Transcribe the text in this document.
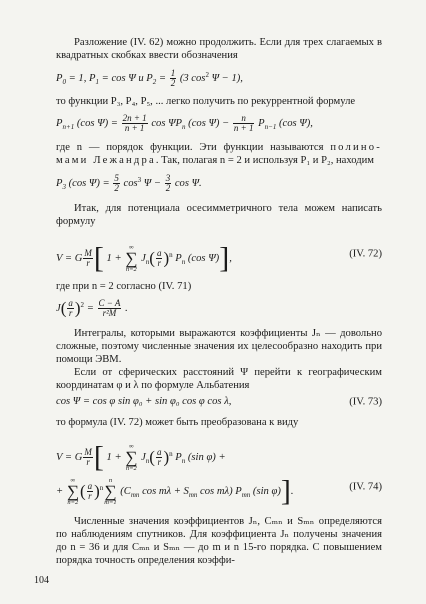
Разложение (IV. 62) можно продолжить. Если для трех слагаемых в квадратных скобках ввести обозначения

$P_0 = 1$, $P_1 = \cos \Psi$ и $P_2 = \frac{1}{2} (3$ $\cos^2 \Psi - 1$),

то функции P₃, P₄, P₅, ... легко получить по рекуррентной формуле

$P_{n+1}$ (cos $\Psi) = \frac{2n + 1}{n + 1}$ $\cos \Psi P_n$ (cos $\Psi) - \frac{n}{n + 1} P_{n-1}$ (cos Ψ),

где n — порядок функции. Эти функции называются полино- мами Лежандра. Так, полагая n = 2 и используя P₁ и P₂, находим

$P_3$ (cos $\Psi) = \frac{5}{2} \cos^3 \Psi - \frac{3}{2}$ cos Ψ.

Итак, для потенциала осесимметричного тела можем написать формулу

V = G $\frac{M}{r}$ [ 1 + ∞
∑
n=2 $J_n( \frac{a}{r} )^n$ $P_n$ (cos Ψ)],	(IV. 72)

где при n = 2 согласно (IV. 71)

$J( \frac{a}{r} )^2 = \frac{C - A}{\text{r²M}}$ .

Интегралы, которыми выражаются коэффициенты Jₙ — довольно сложные, поэтому численные значения их целесообразно находить при помощи ЭВМ.

Если от сферических расстояний Ψ перейти к географическим координатам φ и λ по формуле Альбатения

cos Ψ = cos φ sin φ₀ + sin φ₀ cos φ cos λ,	(IV. 73)

то формула (IV. 72) может быть преобразована к виду

V = G $\frac{M}{r}$ [ 1 + ∞
∑
n=2 $J_n( \frac{a}{r} )^n$ $P_n$ (sin φ) +
+ ∞
∑
$n=2( \frac{a}{r} )^nn$
∑
m=1 ($C_{mn}$ $\cos m\lambda + S_{mn}$ cos mλ) $P_{mn}$ (sin φ)].	(IV. 74)

Численные значения коэффициентов Jₙ, Cₘₙ и Sₘₙ определяются по наблюдениям спутников. Для коэффициента Jₙ получены значения до n = 36 и для Cₘₙ и Sₘₙ — до m и n 15-го порядка. С повышением порядка точность определения коэффи-

104
